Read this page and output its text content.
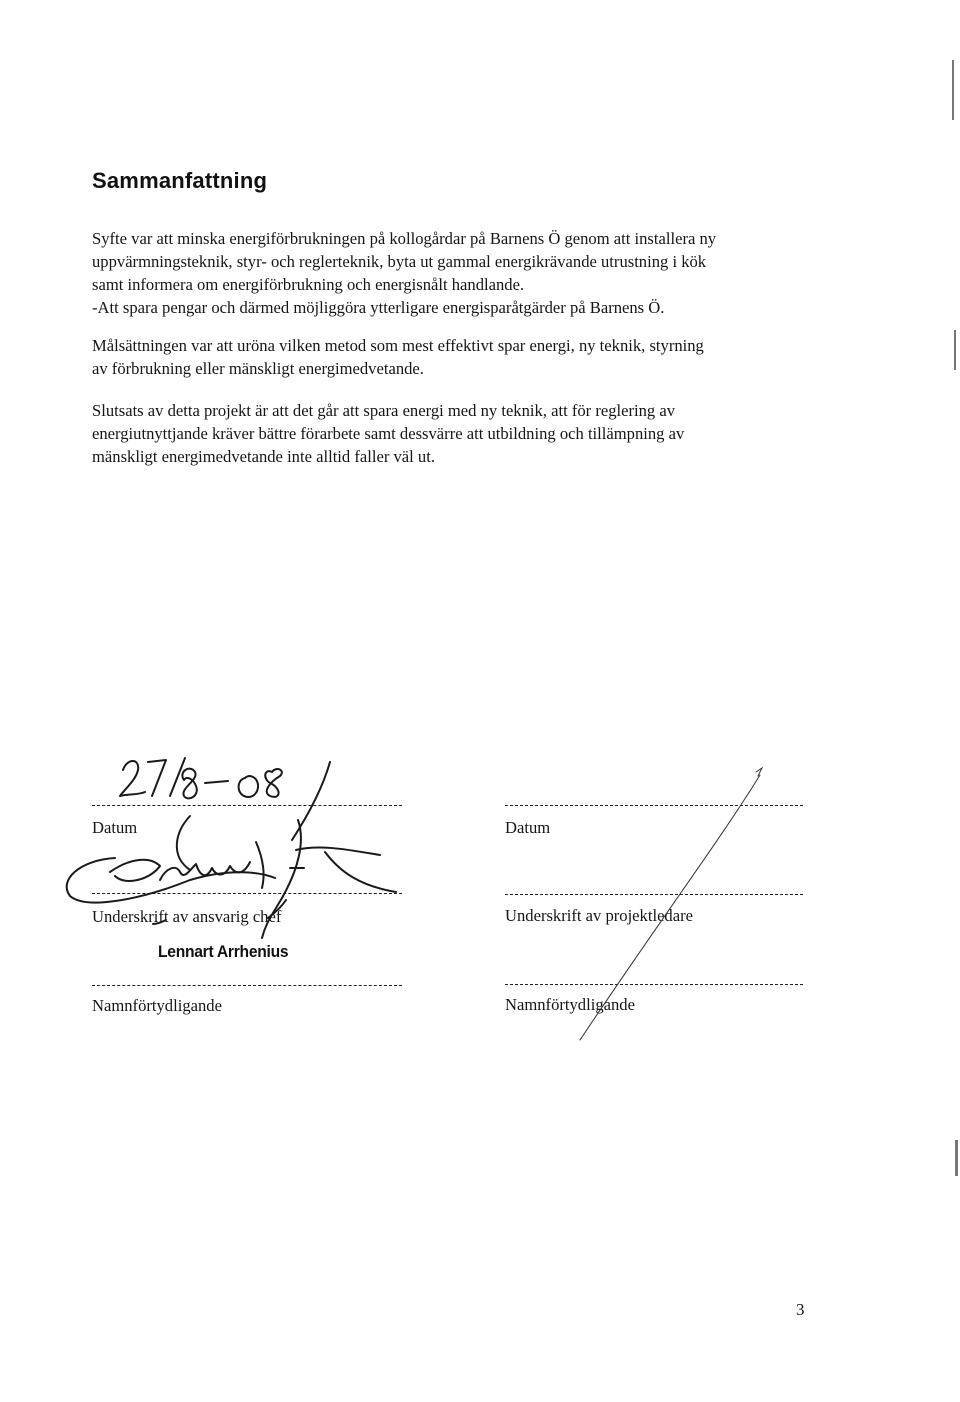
Sammanfattning

Syfte var att minska energiförbrukningen på kollogårdar på Barnens Ö genom att installera ny
uppvärmningsteknik, styr- och reglerteknik, byta ut gammal energikrävande utrustning i kök
samt informera om energiförbrukning och energisnålt handlande.
-Att spara pengar och därmed möjliggöra ytterligare energisparåtgärder på Barnens Ö.

Målsättningen var att uröna vilken metod som mest effektivt spar energi, ny teknik, styrning
av förbrukning eller mänskligt energimedvetande.

Slutsats av detta projekt är att det går att spara energi med ny teknik, att för reglering av
energiutnyttjande kräver bättre förarbete samt dessvärre att utbildning och tillämpning av
mänskligt energimedvetande inte alltid faller väl ut.

Datum
Underskrift av ansvarig chef
Lennart Arrhenius
Namnförtydligande
Datum
Underskrift av projektledare
Namnförtydligande
3
